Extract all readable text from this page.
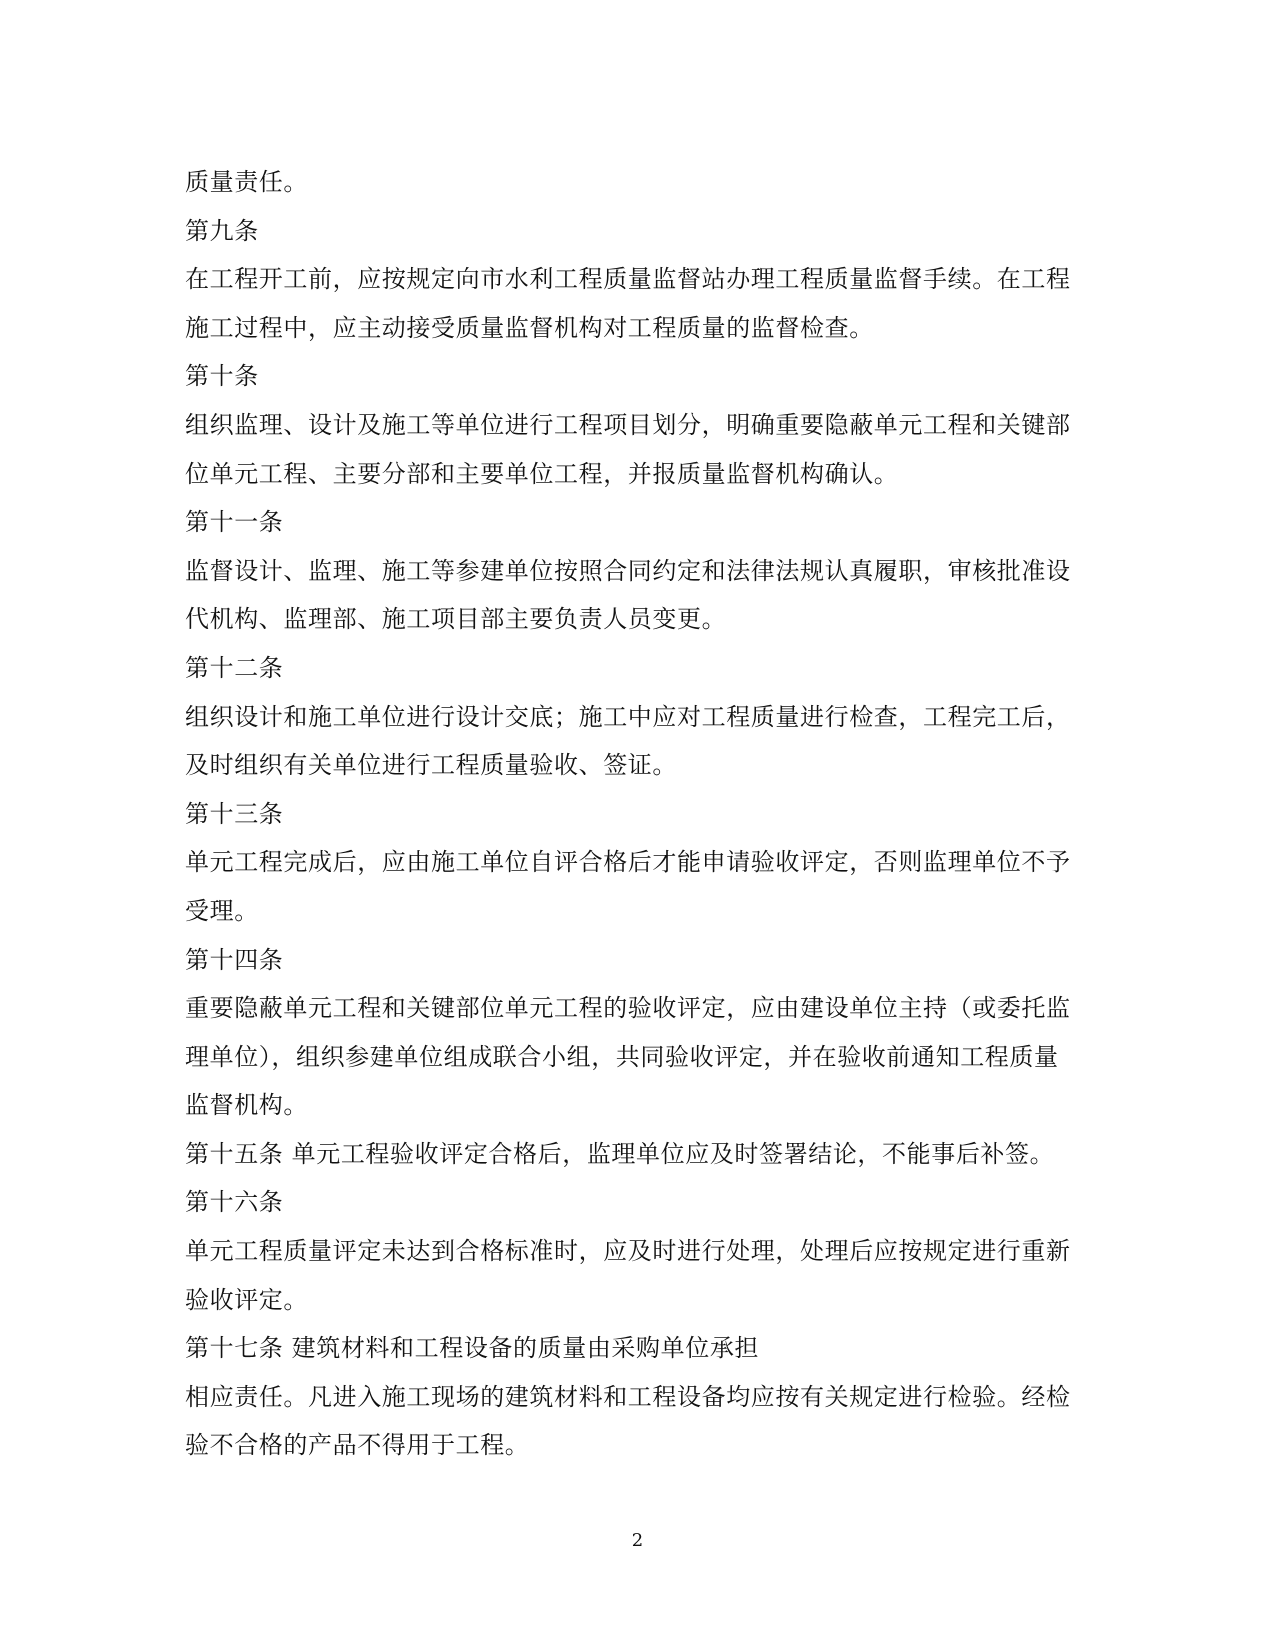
质量责任。
第九条
在工程开工前，应按规定向市水利工程质量监督站办理工程质量监督手续。在工程
施工过程中，应主动接受质量监督机构对工程质量的监督检查。
第十条
组织监理、设计及施工等单位进行工程项目划分，明确重要隐蔽单元工程和关键部
位单元工程、主要分部和主要单位工程，并报质量监督机构确认。
第十一条
监督设计、监理、施工等参建单位按照合同约定和法律法规认真履职，审核批准设
代机构、监理部、施工项目部主要负责人员变更。
第十二条
组织设计和施工单位进行设计交底；施工中应对工程质量进行检查，工程完工后，
及时组织有关单位进行工程质量验收、签证。
第十三条
单元工程完成后，应由施工单位自评合格后才能申请验收评定，否则监理单位不予
受理。
第十四条
重要隐蔽单元工程和关键部位单元工程的验收评定，应由建设单位主持（或委托监
理单位），组织参建单位组成联合小组，共同验收评定，并在验收前通知工程质量
监督机构。
第十五条 单元工程验收评定合格后，监理单位应及时签署结论，不能事后补签。
第十六条
单元工程质量评定未达到合格标准时，应及时进行处理，处理后应按规定进行重新
验收评定。
第十七条 建筑材料和工程设备的质量由采购单位承担
相应责任。凡进入施工现场的建筑材料和工程设备均应按有关规定进行检验。经检
验不合格的产品不得用于工程。
2
